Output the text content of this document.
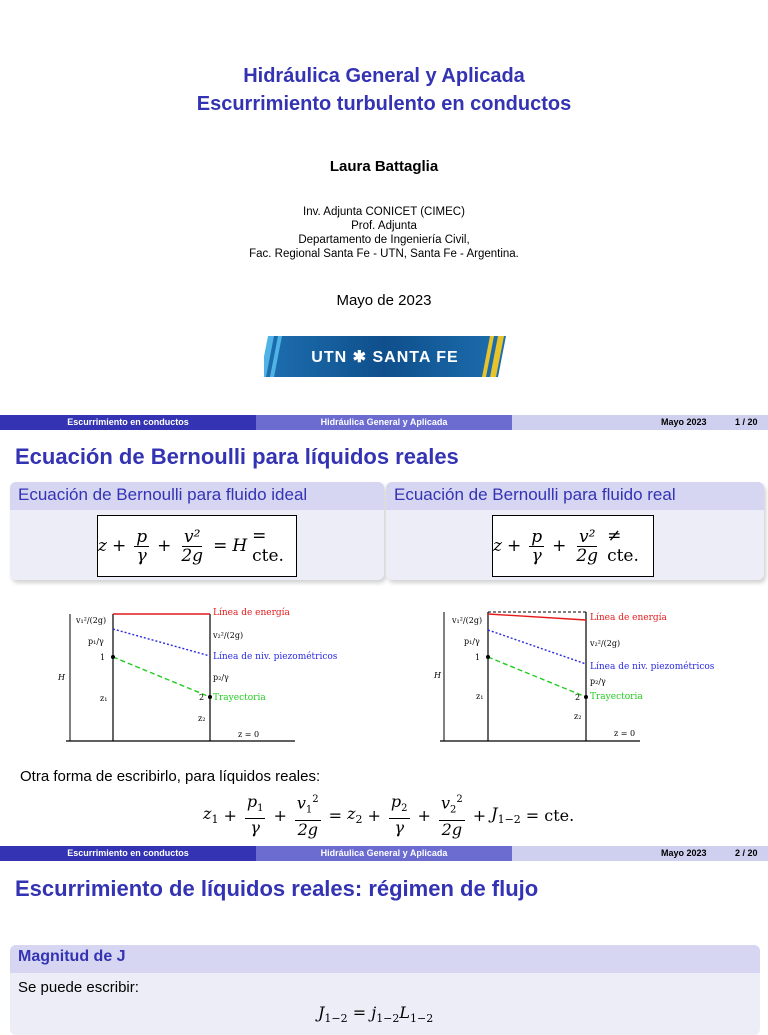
Hidráulica General y Aplicada
Escurrimiento turbulento en conductos
Laura Battaglia
Inv. Adjunta CONICET (CIMEC)
Prof. Adjunta
Departamento de Ingeniería Civil,
Fac. Regional Santa Fe - UTN, Santa Fe - Argentina.
Mayo de 2023
UTN ✱ SANTA FE
Escurrimiento en conductos	Hidráulica General y Aplicada	Mayo 2023	1 / 20
Ecuación de Bernoulli para líquidos reales
Ecuación de Bernoulli para fluido ideal
$z + \frac{p}{\gamma} + \frac{\text{v²}}{2g} = H$ = cte.
Ecuación de Bernoulli para fluido real
$z + \frac{p}{\gamma} + \frac{\text{v²}}{2g}$ ≠ cte.
Línea de energía
Línea de niv. piezométricos
Trayectoria
v₁²/(2g)
p₁/γ
1
v₂²/(2g)
p₂/γ
2
H
z₁
z₂
z = 0
Línea de energía
Línea de niv. piezométricos
Trayectoria
v₁²/(2g)
p₁/γ
1
v₂²/(2g)
p₂/γ
2
H
z₁
z₂
z = 0
Otra forma de escribirlo, para líquidos reales:
$z_1 + \frac{p_1}{\gamma} + \frac{v_1^2}{2g} = z_2 + \frac{p_2}{\gamma} + \frac{v_2^2}{2g} + J_{1-2}$ = cte.
Escurrimiento en conductos	Hidráulica General y Aplicada	Mayo 2023	2 / 20
Escurrimiento de líquidos reales: régimen de flujo
Magnitud de J
Se puede escribir:
$J_{1-2} = j_{1-2}L_{1-2}$
